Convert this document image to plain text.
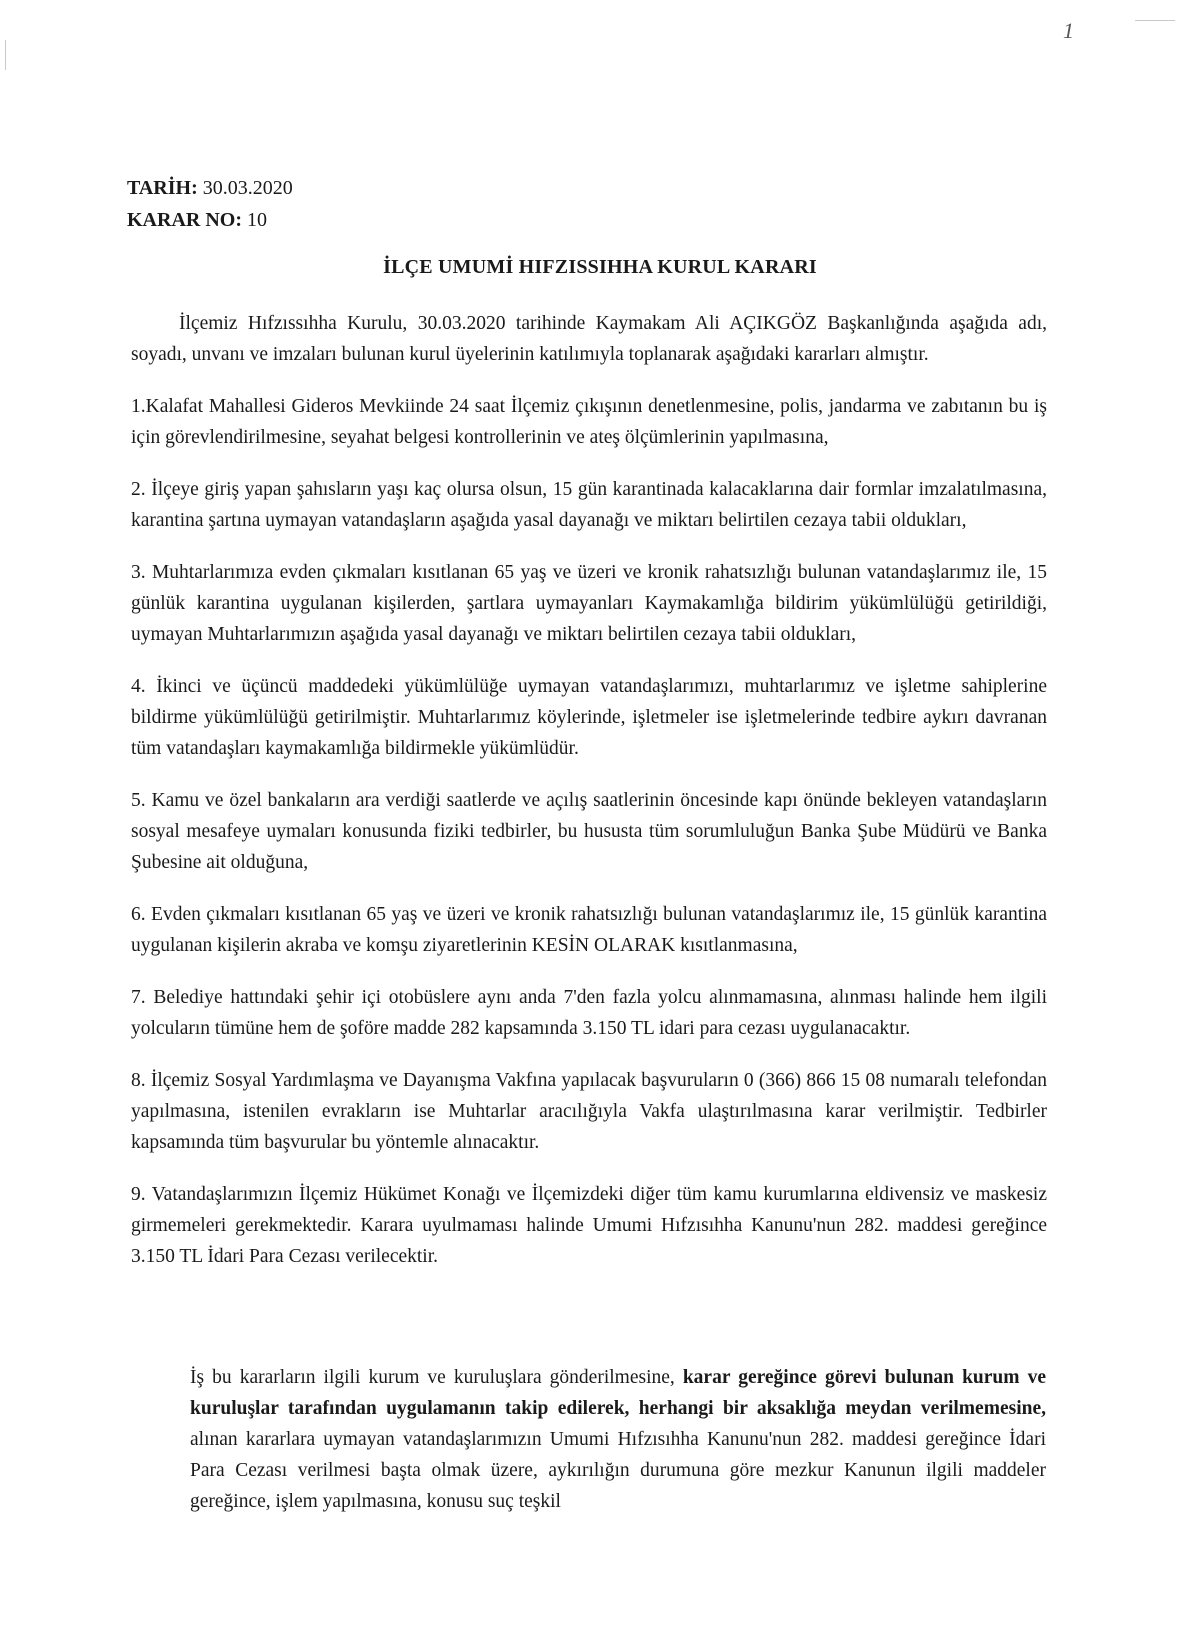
1
TARİH: 30.03.2020
KARAR NO: 10
İLÇE UMUMİ HIFZISSIHHA KURUL KARARI

İlçemiz Hıfzıssıhha Kurulu, 30.03.2020 tarihinde Kaymakam Ali AÇIKGÖZ Başkanlığında aşağıda adı, soyadı, unvanı ve imzaları bulunan kurul üyelerinin katılımıyla toplanarak aşağıdaki kararları almıştır.

1.Kalafat Mahallesi Gideros Mevkiinde 24 saat İlçemiz çıkışının denetlenmesine, polis, jandarma ve zabıtanın bu iş için görevlendirilmesine, seyahat belgesi kontrollerinin ve ateş ölçümlerinin yapılmasına,

2. İlçeye giriş yapan şahısların yaşı kaç olursa olsun, 15 gün karantinada kalacaklarına dair formlar imzalatılmasına, karantina şartına uymayan vatandaşların aşağıda yasal dayanağı ve miktarı belirtilen cezaya tabii oldukları,

3. Muhtarlarımıza evden çıkmaları kısıtlanan 65 yaş ve üzeri ve kronik rahatsızlığı bulunan vatandaşlarımız ile, 15 günlük karantina uygulanan kişilerden, şartlara uymayanları Kaymakamlığa bildirim yükümlülüğü getirildiği, uymayan Muhtarlarımızın aşağıda yasal dayanağı ve miktarı belirtilen cezaya tabii oldukları,

4. İkinci ve üçüncü maddedeki yükümlülüğe uymayan vatandaşlarımızı, muhtarlarımız ve işletme sahiplerine bildirme yükümlülüğü getirilmiştir. Muhtarlarımız köylerinde, işletmeler ise işletmelerinde tedbire aykırı davranan tüm vatandaşları kaymakamlığa bildirmekle yükümlüdür.

5. Kamu ve özel bankaların ara verdiği saatlerde ve açılış saatlerinin öncesinde kapı önünde bekleyen vatandaşların sosyal mesafeye uymaları konusunda fiziki tedbirler, bu hususta tüm sorumluluğun Banka Şube Müdürü ve Banka Şubesine ait olduğuna,

6. Evden çıkmaları kısıtlanan 65 yaş ve üzeri ve kronik rahatsızlığı bulunan vatandaşlarımız ile, 15 günlük karantina uygulanan kişilerin akraba ve komşu ziyaretlerinin KESİN OLARAK kısıtlanmasına,

7. Belediye hattındaki şehir içi otobüslere aynı anda 7'den fazla yolcu alınmamasına, alınması halinde hem ilgili yolcuların tümüne hem de şoföre madde 282 kapsamında 3.150 TL idari para cezası uygulanacaktır.

8. İlçemiz Sosyal Yardımlaşma ve Dayanışma Vakfına yapılacak başvuruların 0 (366) 866 15 08 numaralı telefondan yapılmasına, istenilen evrakların ise Muhtarlar aracılığıyla Vakfa ulaştırılmasına karar verilmiştir. Tedbirler kapsamında tüm başvurular bu yöntemle alınacaktır.

9. Vatandaşlarımızın İlçemiz Hükümet Konağı ve İlçemizdeki diğer tüm kamu kurumlarına eldivensiz ve maskesiz girmemeleri gerekmektedir. Karara uyulmaması halinde Umumi Hıfzısıhha Kanunu'nun 282. maddesi gereğince 3.150 TL İdari Para Cezası verilecektir.

İş bu kararların ilgili kurum ve kuruluşlara gönderilmesine, karar gereğince görevi bulunan kurum ve kuruluşlar tarafından uygulamanın takip edilerek, herhangi bir aksaklığa meydan verilmemesine, alınan kararlara uymayan vatandaşlarımızın Umumi Hıfzısıhha Kanunu'nun 282. maddesi gereğince İdari Para Cezası verilmesi başta olmak üzere, aykırılığın durumuna göre mezkur Kanunun ilgili maddeler gereğince, işlem yapılmasına, konusu suç teşkil
